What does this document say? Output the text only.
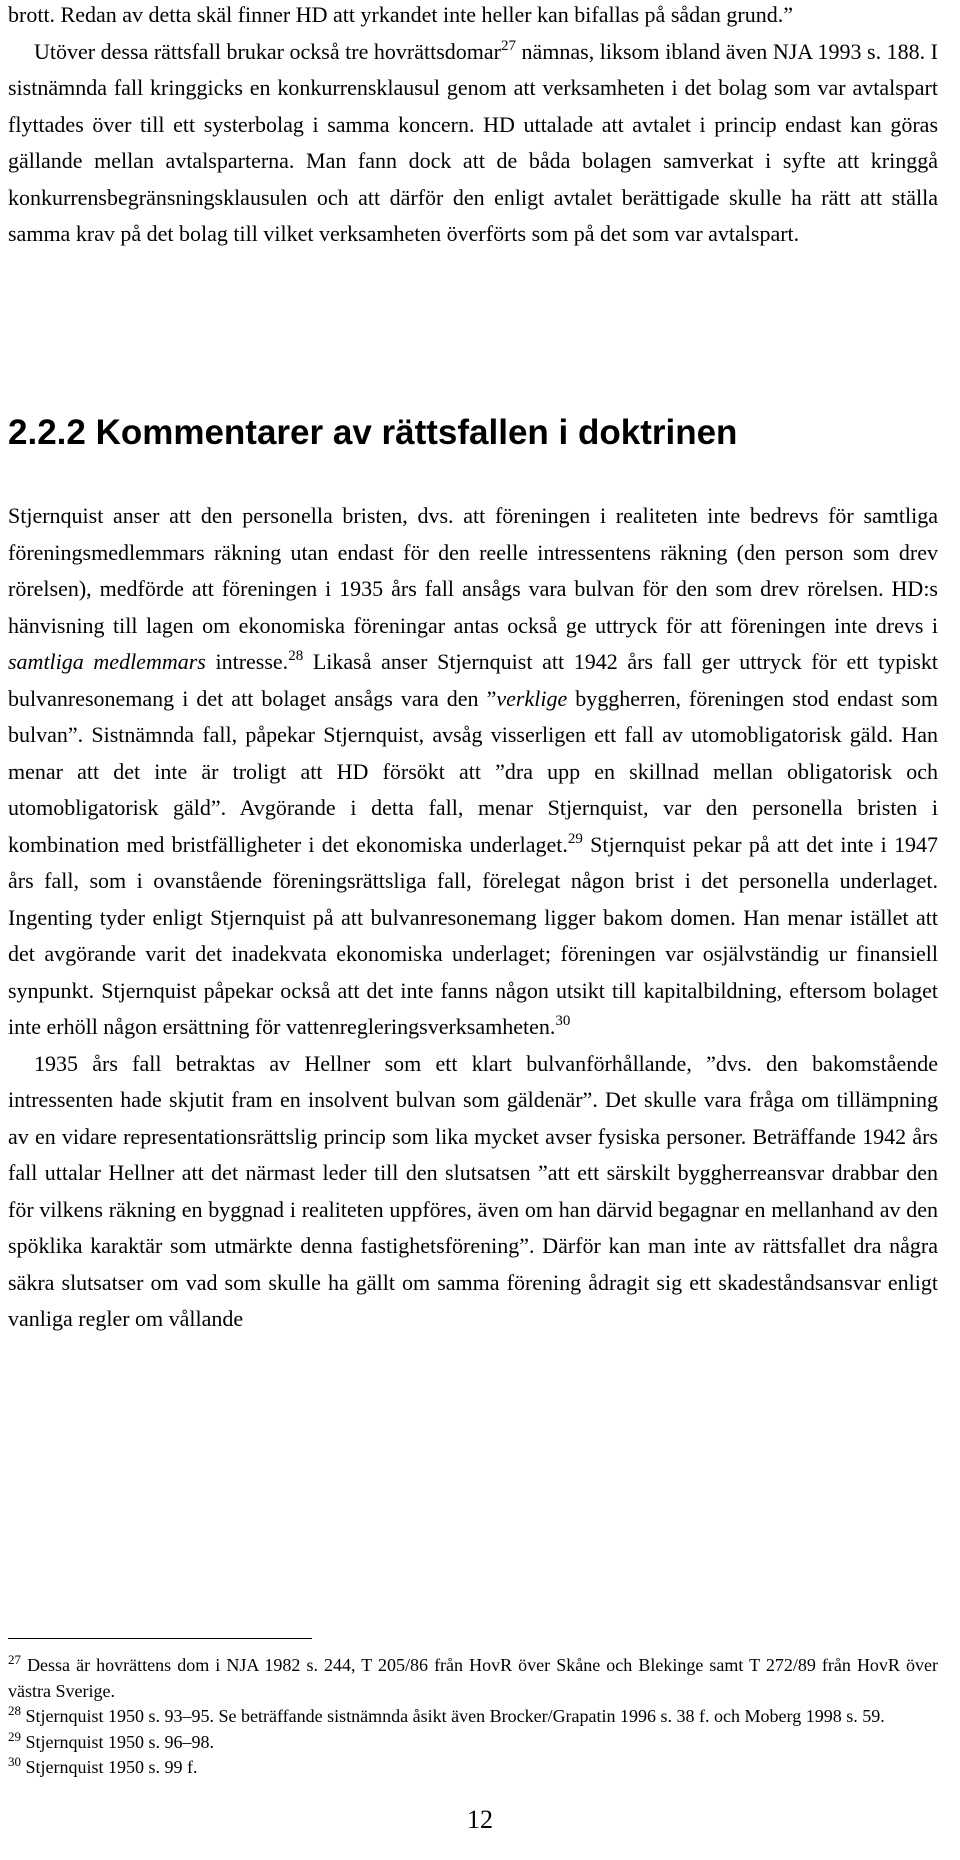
brott. Redan av detta skäl finner HD att yrkandet inte heller kan bifallas på sådan grund.”

Utöver dessa rättsfall brukar också tre hovrättsdomar$^{27}$ nämnas, liksom ibland även NJA 1993 s. 188. I sistnämnda fall kringgicks en konkurrensklausul genom att verksamheten i det bolag som var avtalspart flyttades över till ett systerbolag i samma koncern. HD uttalade att avtalet i princip endast kan göras gällande mellan avtalsparterna. Man fann dock att de båda bolagen samverkat i syfte att kringgå konkurrensbegränsningsklausulen och att därför den enligt avtalet berättigade skulle ha rätt att ställa samma krav på det bolag till vilket verksamheten överförts som på det som var avtalspart.

2.2.2 Kommentarer av rättsfallen i doktrinen

Stjernquist anser att den personella bristen, dvs. att föreningen i realiteten inte bedrevs för samtliga föreningsmedlemmars räkning utan endast för den reelle intressentens räkning (den person som drev rörelsen), medförde att föreningen i 1935 års fall ansågs vara bulvan för den som drev rörelsen. HD:s hänvisning till lagen om ekonomiska föreningar antas också ge uttryck för att föreningen inte drevs i samtliga medlemmars intresse.$^{28}$ Likaså anser Stjernquist att 1942 års fall ger uttryck för ett typiskt bulvanresonemang i det att bolaget ansågs vara den ”verklige byggherren, föreningen stod endast som bulvan”. Sistnämnda fall, påpekar Stjernquist, avsåg visserligen ett fall av utomobligatorisk gäld. Han menar att det inte är troligt att HD försökt att ”dra upp en skillnad mellan obligatorisk och utomobligatorisk gäld”. Avgörande i detta fall, menar Stjernquist, var den personella bristen i kombination med bristfälligheter i det ekonomiska underlaget.$^{29}$ Stjernquist pekar på att det inte i 1947 års fall, som i ovanstående föreningsrättsliga fall, förelegat någon brist i det personella underlaget. Ingenting tyder enligt Stjernquist på att bulvanresonemang ligger bakom domen. Han menar istället att det avgörande varit det inadekvata ekonomiska underlaget; föreningen var osjälvständig ur finansiell synpunkt. Stjernquist påpekar också att det inte fanns någon utsikt till kapitalbildning, eftersom bolaget inte erhöll någon ersättning för vattenregleringsverksamheten.$^{30}$

1935 års fall betraktas av Hellner som ett klart bulvanförhållande, ”dvs. den bakomstående intressenten hade skjutit fram en insolvent bulvan som gäldenär”. Det skulle vara fråga om tillämpning av en vidare representationsrättslig princip som lika mycket avser fysiska personer. Beträffande 1942 års fall uttalar Hellner att det närmast leder till den slutsatsen ”att ett särskilt byggherreansvar drabbar den för vilkens räkning en byggnad i realiteten uppföres, även om han därvid begagnar en mellanhand av den spöklika karaktär som utmärkte denna fastighetsförening”. Därför kan man inte av rättsfallet dra några säkra slutsatser om vad som skulle ha gällt om samma förening ådragit sig ett skadeståndsansvar enligt vanliga regler om vållande

$^{27}$ Dessa är hovrättens dom i NJA 1982 s. 244, T 205/86 från HovR över Skåne och Blekinge samt T 272/89 från HovR över västra Sverige.

$^{28}$ Stjernquist 1950 s. 93–95. Se beträffande sistnämnda åsikt även Brocker/Grapatin 1996 s. 38 f. och Moberg 1998 s. 59.

$^{29}$ Stjernquist 1950 s. 96–98.

$^{30}$ Stjernquist 1950 s. 99 f.

12
